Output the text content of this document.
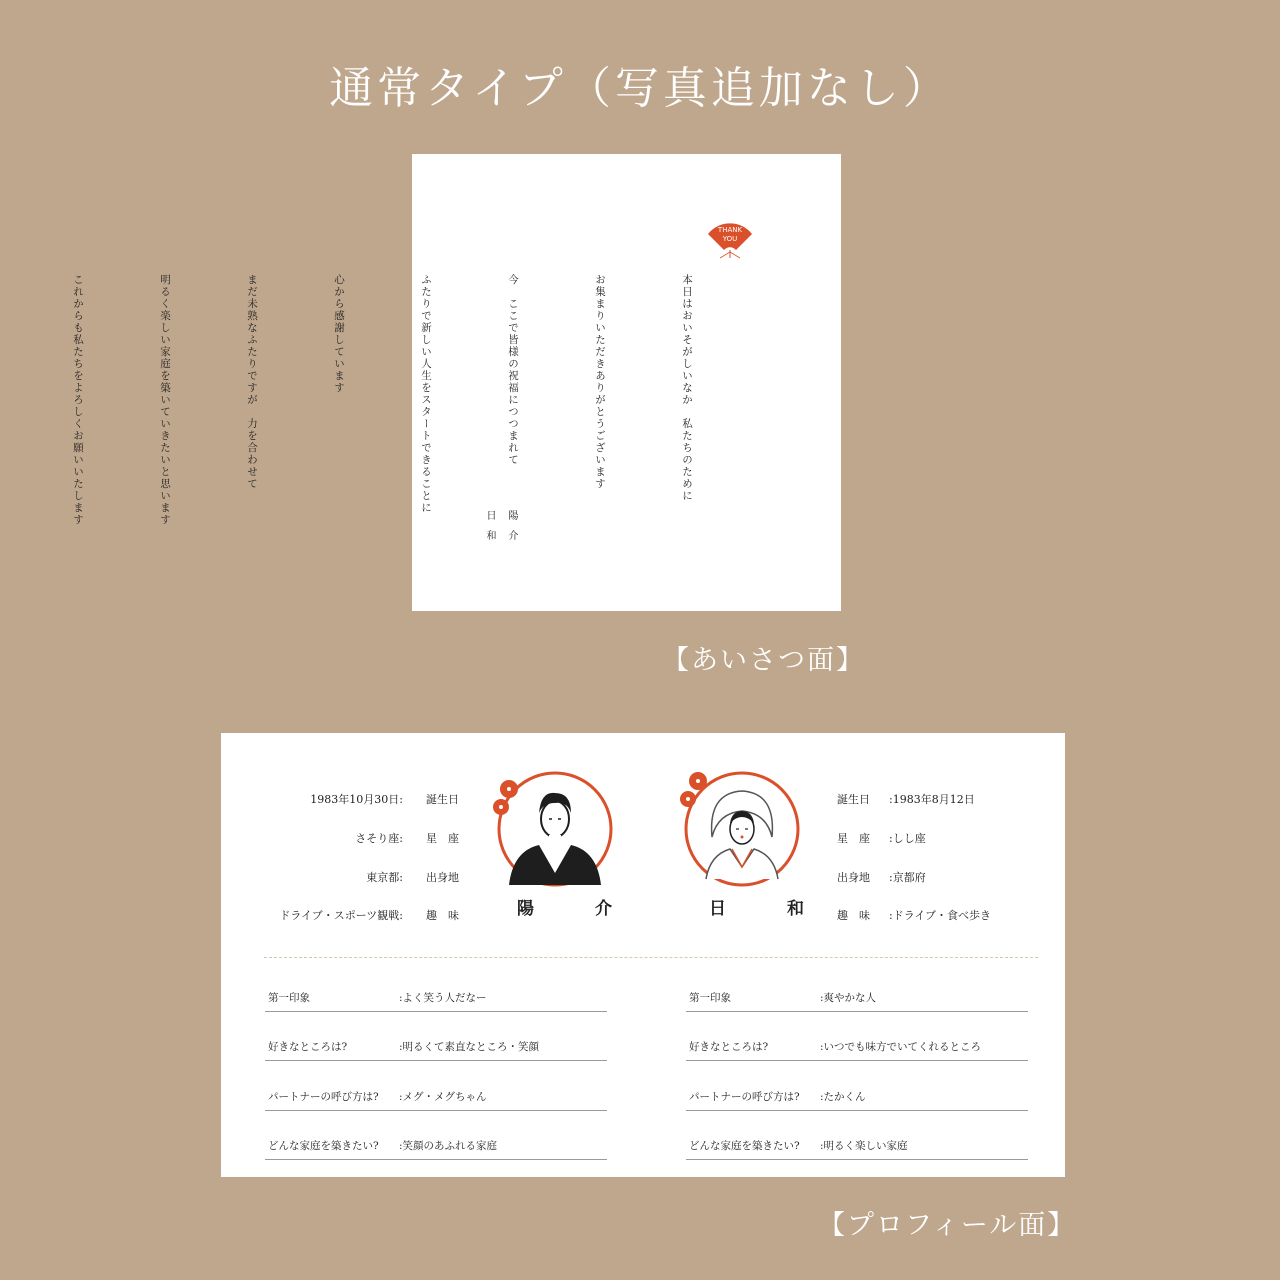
通常タイプ（写真追加なし）
THANK
YOU

本日はおいそがしいなか　私たちのために

お集まりいただきありがとうございます

今　ここで皆様の祝福につつまれて

ふたりで新しい人生をスタートできることに

心から感謝しています

まだ未熟なふたりですが　力を合わせて

明るく楽しい家庭を築いていきたいと思います

これからも私たちをよろしくお願いいたします

陽介
日和
【あいさつ面】
1983年10月30日: 誕生日
さそり座: 星　座
東京都: 出身地
ドライブ・スポーツ観戦: 趣　味	陽　介	日　和
誕生日 :1983年8月12日
星　座 :しし座
出身地 :京都府
趣　味 :ドライブ・食べ歩き
第一印象	:よく笑う人だなー
好きなところは?	:明るくて素直なところ・笑顔
パートナーの呼び方は? :メグ・メグちゃん
どんな家庭を築きたい? :笑顔のあふれる家庭
第一印象	:爽やかな人
好きなところは?	:いつでも味方でいてくれるところ
パートナーの呼び方は? :たかくん
どんな家庭を築きたい? :明るく楽しい家庭
【プロフィール面】
